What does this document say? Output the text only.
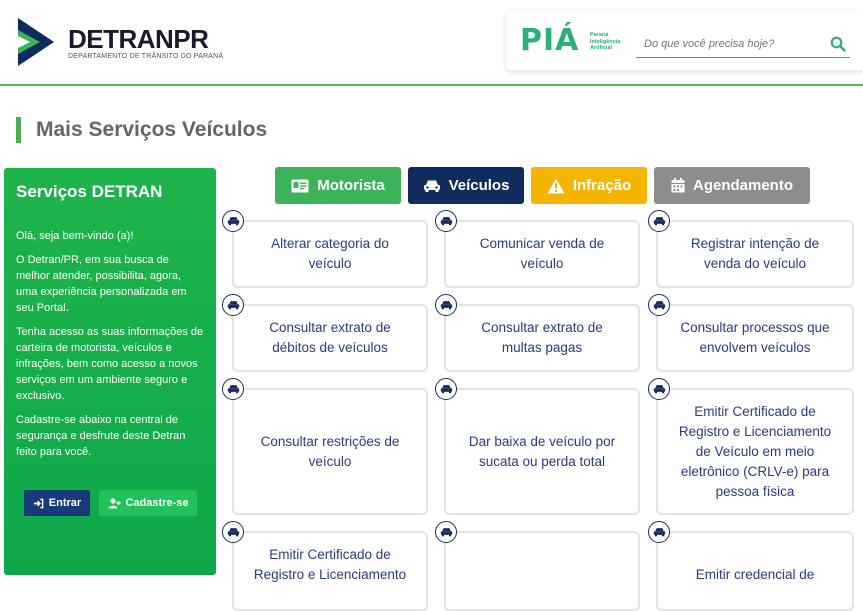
DETRANPR
DEPARTAMENTO DE TRÂNSITO DO PARANÁ	PIÁ Paraná
Inteligência
Artificial
Do que você precisa hoje?
Mais Serviços Veículos
Serviços DETRAN

Olá, seja bem-vindo (a)!

O Detran/PR, em sua busca de melhor atender, possibilita, agora, uma experiência personalizada em seu Portal.

Tenha acesso as suas informações de carteira de motorista, veículos e infrações, bem como acesso a novos serviços em um ambiente seguro e exclusivo.

Cadastre-se abaixo na central de segurança e desfrute deste Detran feito para você.

Entrar	Cadastre-se
Motorista	Veículos	Infração	Agendamento
Alterar categoria do veículo
Comunicar venda de veículo
Registrar intenção de venda do veículo
Consultar extrato de débitos de veículos
Consultar extrato de multas pagas
Consultar processos que envolvem veículos
Consultar restrições de veículo
Dar baixa de veículo por sucata ou perda total
Emitir Certificado de Registro e Licenciamento de Veículo em meio eletrônico (CRLV-e) para pessoa física
Emitir Certificado de Registro e Licenciamento	Emitir credencial de
